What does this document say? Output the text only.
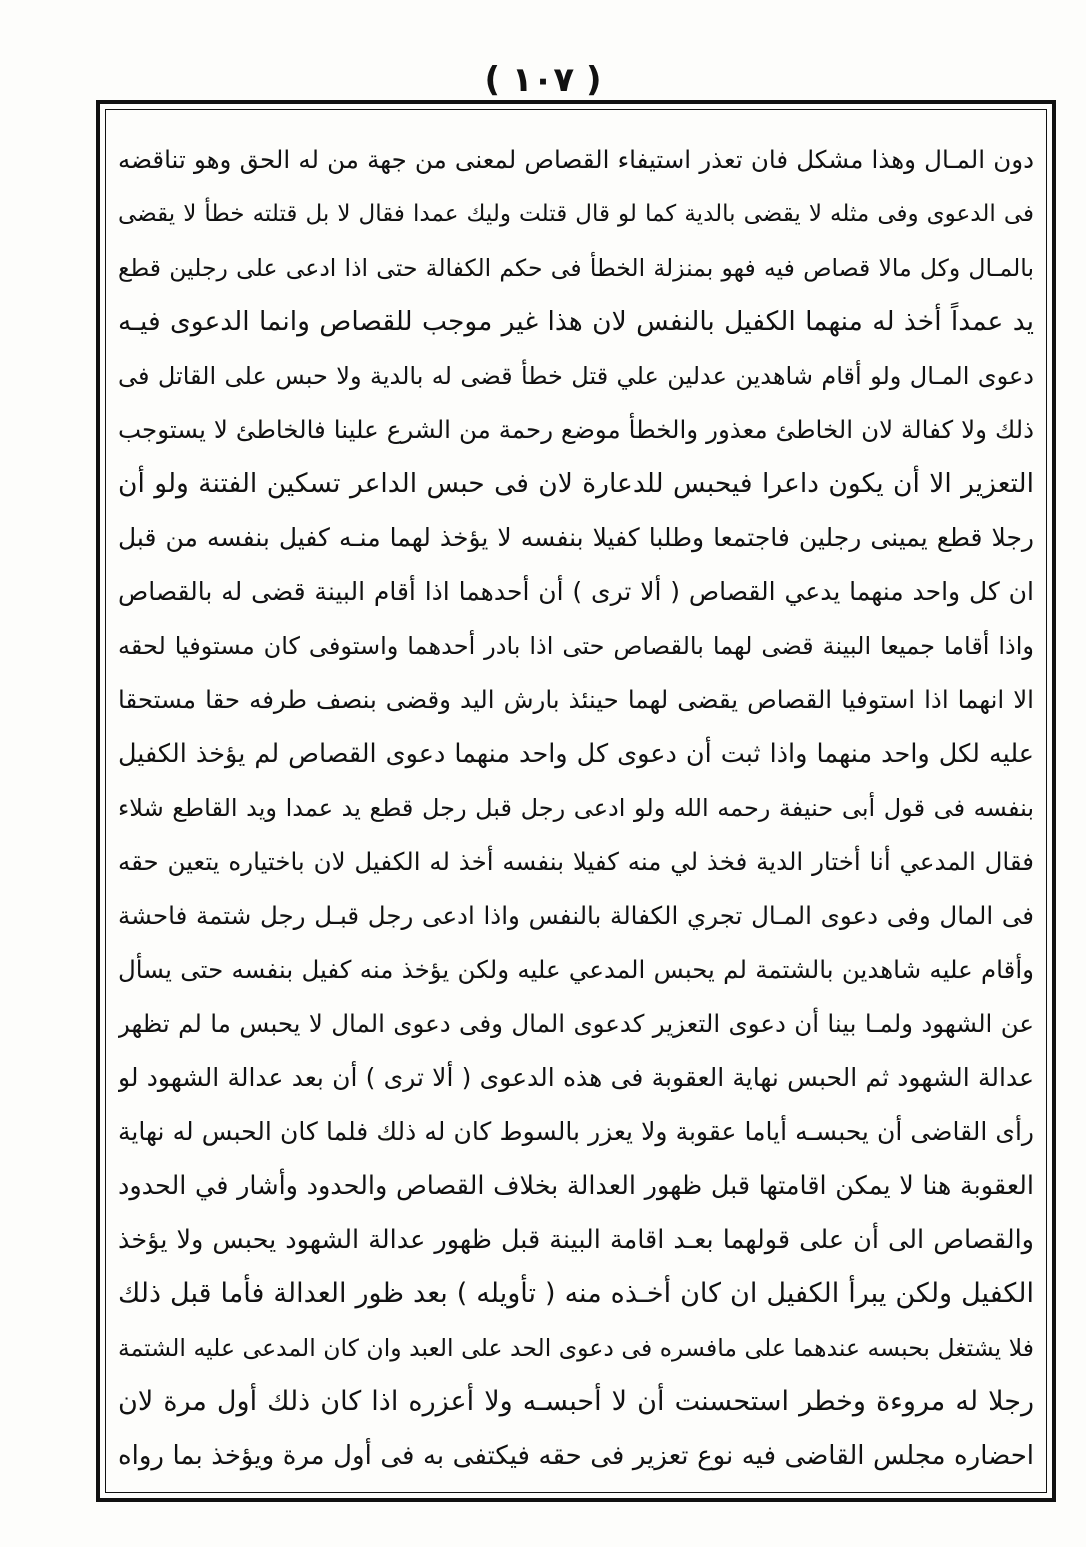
( ١٠٧ )
دون المـال وهذا مشكل فان تعذر استيفاء القصاص لمعنى من جهة من له الحق وهو تناقضه
فى الدعوى وفى مثله لا يقضى بالدية كما لو قال قتلت وليك عمدا فقال لا بل قتلته خطأ لا يقضى
بالمـال وكل مالا قصاص فيه فهو بمنزلة الخطأ فى حكم الكفالة حتى اذا ادعى على رجلين قطع
يد عمداً أخذ له منهما الكفيل بالنفس لان هذا غير موجب للقصاص وانما الدعوى فيـه
دعوى المـال ولو أقام شاهدين عدلين علي قتل خطأ قضى له بالدية ولا حبس على القاتل فى
ذلك ولا كفالة لان الخاطئ معذور والخطأ موضع رحمة من الشرع علينا فالخاطئ لا يستوجب
التعزير الا أن يكون داعرا فيحبس للدعارة لان فى حبس الداعر تسكين الفتنة ولو أن
رجلا قطع يمينى رجلين فاجتمعا وطلبا كفيلا بنفسه لا يؤخذ لهما منـه كفيل بنفسه من قبل
ان كل واحد منهما يدعي القصاص ( ألا ترى ) أن أحدهما اذا أقام البينة قضى له بالقصاص
واذا أقاما جميعا البينة قضى لهما بالقصاص حتى اذا بادر أحدهما واستوفى كان مستوفيا لحقه
الا انهما اذا استوفيا القصاص يقضى لهما حينئذ بارش اليد وقضى بنصف طرفه حقا مستحقا
عليه لكل واحد منهما واذا ثبت أن دعوى كل واحد منهما دعوى القصاص لم يؤخذ الكفيل
بنفسه فى قول أبى حنيفة رحمه الله ولو ادعى رجل قبل رجل قطع يد عمدا ويد القاطع شلاء
فقال المدعي أنا أختار الدية فخذ لي منه كفيلا بنفسه أخذ له الكفيل لان باختياره يتعين حقه
فى المال وفى دعوى المـال تجري الكفالة بالنفس واذا ادعى رجل قبـل رجل شتمة فاحشة
وأقام عليه شاهدين بالشتمة لم يحبس المدعي عليه ولكن يؤخذ منه كفيل بنفسه حتى يسأل
عن الشهود ولمـا بينا أن دعوى التعزير كدعوى المال وفى دعوى المال لا يحبس ما لم تظهر
عدالة الشهود ثم الحبس نهاية العقوبة فى هذه الدعوى ( ألا ترى ) أن بعد عدالة الشهود لو
رأى القاضى أن يحبسـه أياما عقوبة ولا يعزر بالسوط كان له ذلك فلما كان الحبس له نهاية
العقوبة هنا لا يمكن اقامتها قبل ظهور العدالة بخلاف القصاص والحدود وأشار في الحدود
والقصاص الى أن على قولهما بعـد اقامة البينة قبل ظهور عدالة الشهود يحبس ولا يؤخذ
الكفيل ولكن يبرأ الكفيل ان كان أخـذه منه ( تأويله ) بعد ظور العدالة فأما قبل ذلك
فلا يشتغل بحبسه عندهما على مافسره فى دعوى الحد على العبد وان كان المدعى عليه الشتمة
رجلا له مروءة وخطر استحسنت أن لا أحبسـه ولا أعزره اذا كان ذلك أول مرة لان
احضاره مجلس القاضى فيه نوع تعزير فى حقه فيكتفى به فى أول مرة ويؤخذ بما رواه
